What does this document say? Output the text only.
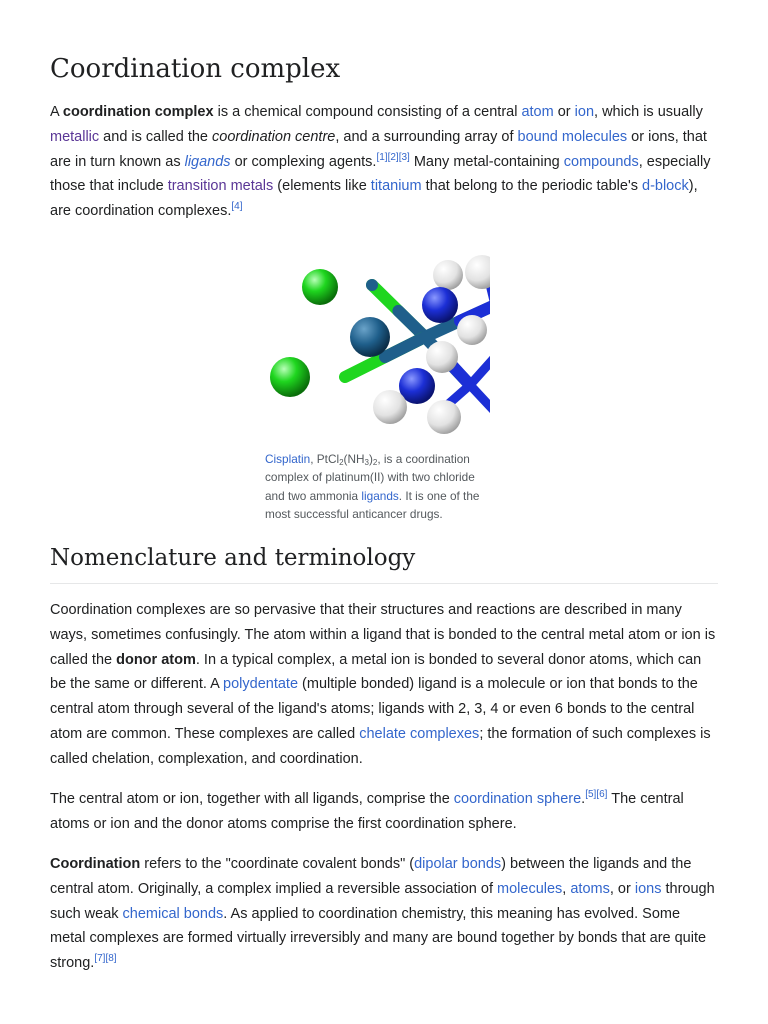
Coordination complex

A coordination complex is a chemical compound consisting of a central atom or ion, which is usually metallic and is called the coordination centre, and a surrounding array of bound molecules or ions, that are in turn known as ligands or complexing agents.[1][2][3] Many metal-containing compounds, especially those that include transition metals (elements like titanium that belong to the periodic table's d-block), are coordination complexes.[4]

Cisplatin, $PtCl_2(NH_3)_2$, is a coordination complex of platinum(II) with two chloride and two ammonia ligands. It is one of the most successful anticancer drugs.
Nomenclature and terminology

Coordination complexes are so pervasive that their structures and reactions are described in many ways, sometimes confusingly. The atom within a ligand that is bonded to the central metal atom or ion is called the donor atom. In a typical complex, a metal ion is bonded to several donor atoms, which can be the same or different. A polydentate (multiple bonded) ligand is a molecule or ion that bonds to the central atom through several of the ligand's atoms; ligands with 2, 3, 4 or even 6 bonds to the central atom are common. These complexes are called chelate complexes; the formation of such complexes is called chelation, complexation, and coordination.

The central atom or ion, together with all ligands, comprise the coordination sphere.[5][6] The central atoms or ion and the donor atoms comprise the first coordination sphere.

Coordination refers to the "coordinate covalent bonds" (dipolar bonds) between the ligands and the central atom. Originally, a complex implied a reversible association of molecules, atoms, or ions through such weak chemical bonds. As applied to coordination chemistry, this meaning has evolved. Some metal complexes are formed virtually irreversibly and many are bound together by bonds that are quite strong.[7][8]
